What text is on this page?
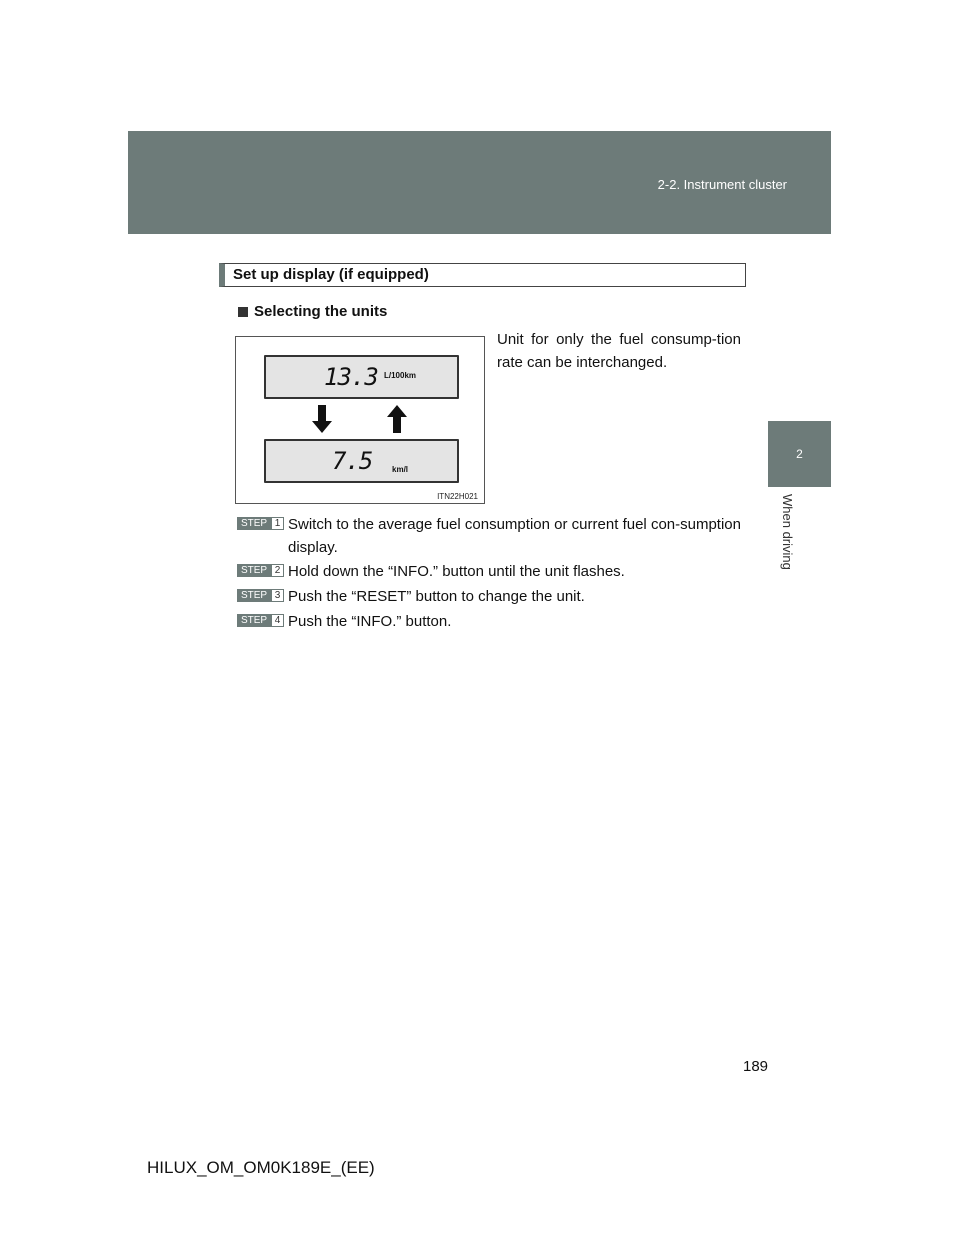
2-2. Instrument cluster
2
When driving
Set up display (if equipped)
Selecting the units
Unit for only the fuel consump-tion rate can be interchanged.
13.3 L/100km
7.5 km/l
ITN22H021
STEP 1 Switch to the average fuel consumption or current fuel con-sumption display.
STEP 2 Hold down the “INFO.” button until the unit flashes.
STEP 3 Push the “RESET” button to change the unit.
STEP 4 Push the “INFO.” button.
189
HILUX_OM_OM0K189E_(EE)
